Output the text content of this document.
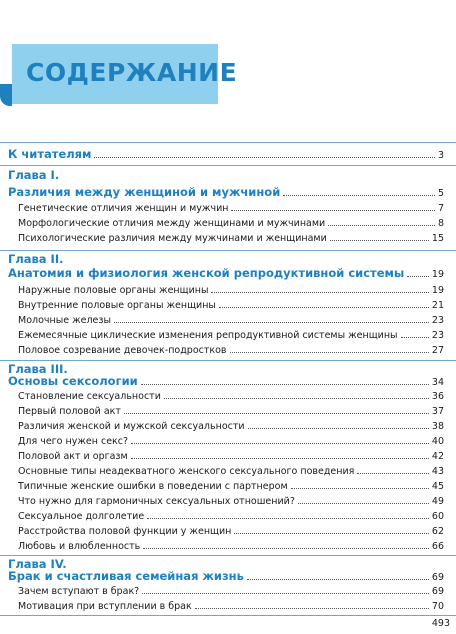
СОДЕРЖАНИЕ
К читателям	3
Глава I.
Различия между женщиной и мужчиной	5
Генетические отличия женщин и мужчин	7
Морфологические отличия между женщинами и мужчинами	8
Психологические различия между мужчинами и женщинами	15
Глава II.
Анатомия и физиология женской репродуктивной системы	19
Наружные половые органы женщины	19
Внутренние половые органы женщины	21
Молочные железы	23
Ежемесячные циклические изменения репродуктивной системы женщины	23
Половое созревание девочек-подростков	27
Глава III.
Основы сексологии	34
Становление сексуальности	36
Первый половой акт	37
Различия женской и мужской сексуальности	38
Для чего нужен секс?	40
Половой акт и оргазм	42
Основные типы неадекватного женского сексуального поведения	43
Типичные женские ошибки в поведении с партнером	45
Что нужно для гармоничных сексуальных отношений?	49
Сексуальное долголетие	60
Расстройства половой функции у женщин	62
Любовь и влюбленность	66
Глава IV.
Брак и счастливая семейная жизнь	69
Зачем вступают в брак?	69
Мотивация при вступлении в брак	70
493
